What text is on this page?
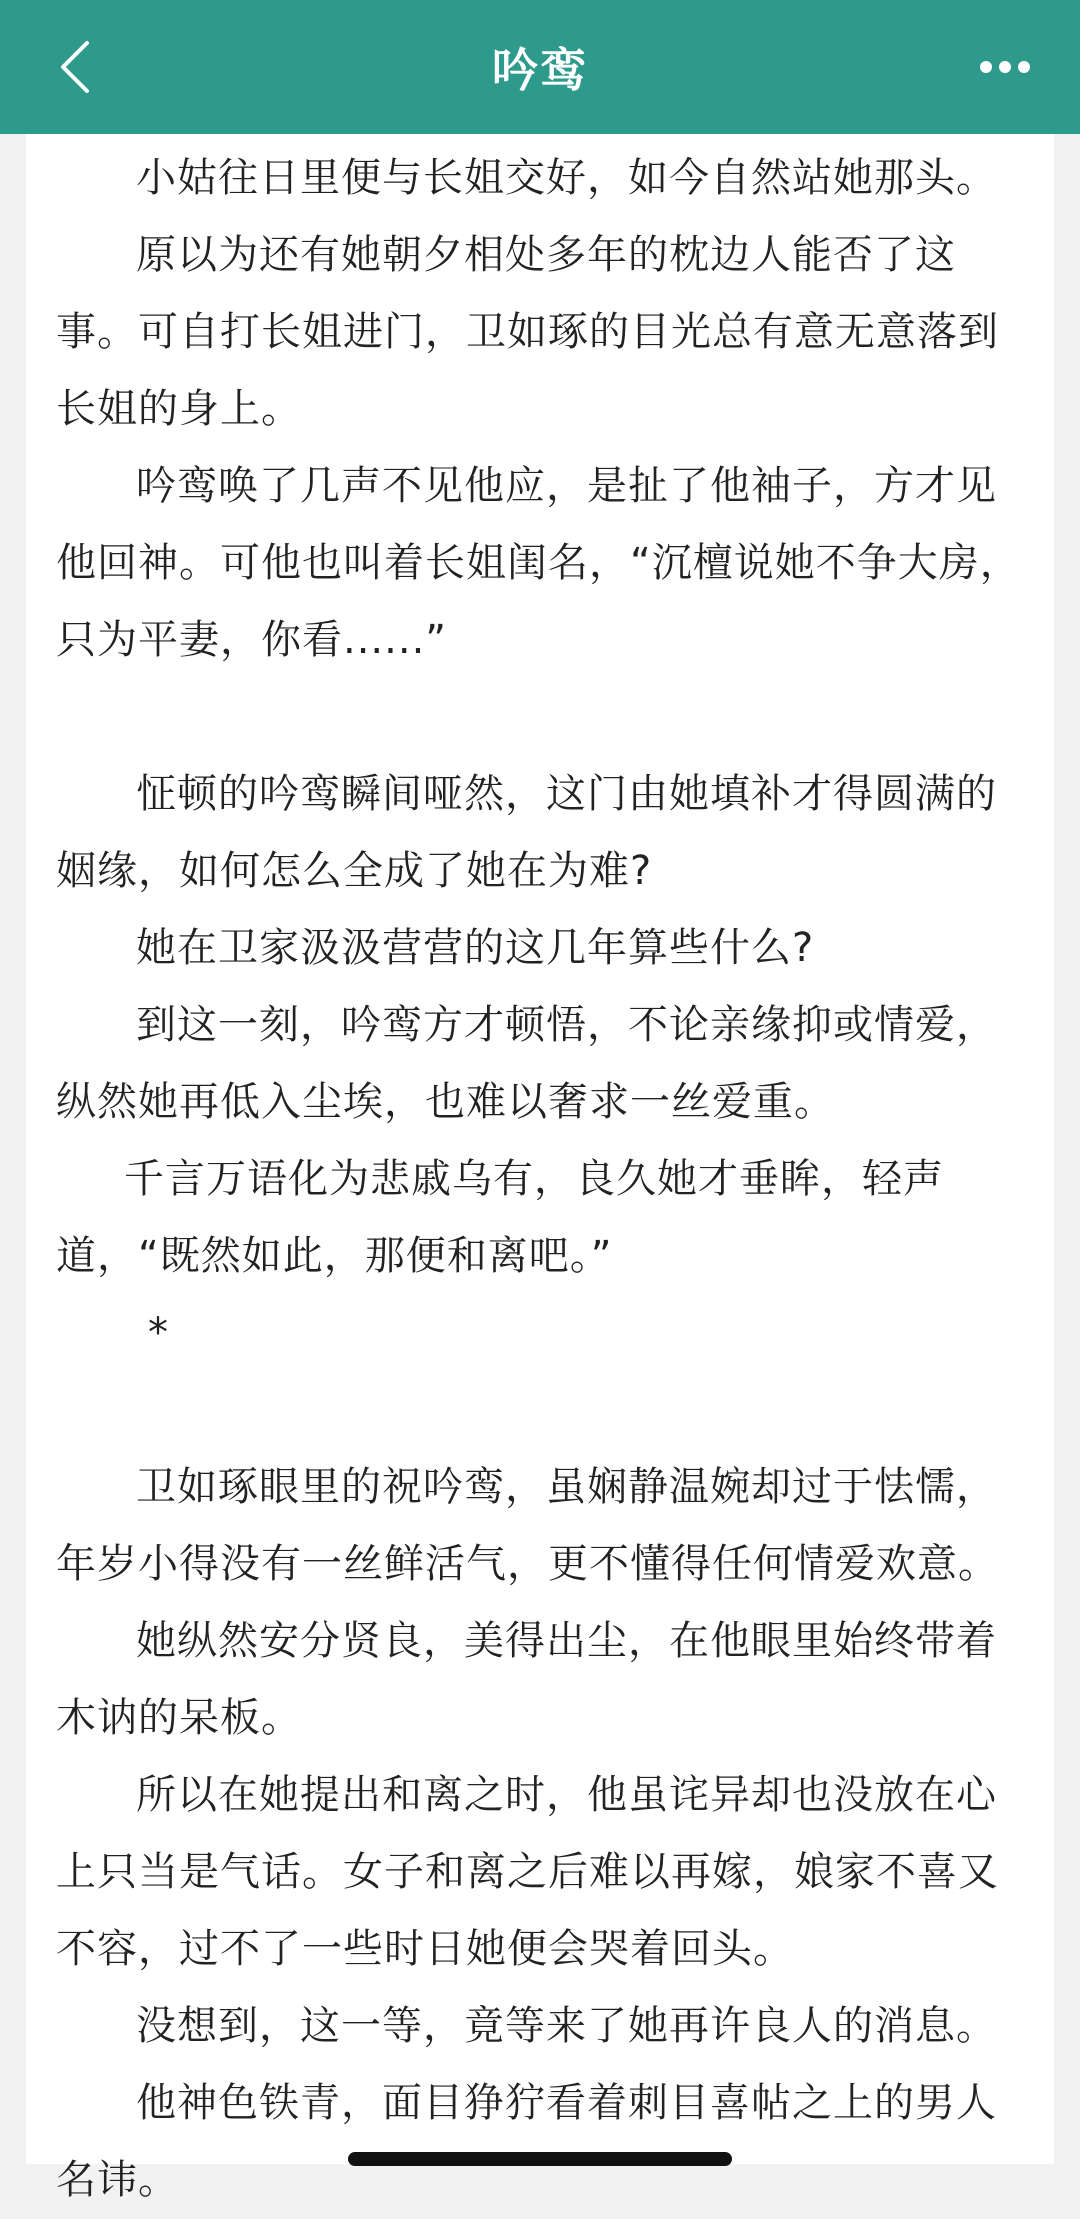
吟鸾

小姑往日里便与长姐交好，如今自然站她那头。

原以为还有她朝夕相处多年的枕边人能否了这事。可自打长姐进门，卫如琢的目光总有意无意落到长姐的身上。

吟鸾唤了几声不见他应，是扯了他袖子，方才见他回神。可他也叫着长姐闺名，“沉檀说她不争大房，只为平妻，你看......”

怔顿的吟鸾瞬间哑然，这门由她填补才得圆满的姻缘，如何怎么全成了她在为难?

她在卫家汲汲营营的这几年算些什么?

到这一刻，吟鸾方才顿悟，不论亲缘抑或情爱，纵然她再低入尘埃，也难以奢求一丝爱重。

千言万语化为悲戚乌有，良久她才垂眸，轻声道，“既然如此，那便和离吧。”

*

卫如琢眼里的祝吟鸾，虽娴静温婉却过于怯懦，年岁小得没有一丝鲜活气，更不懂得任何情爱欢意。

她纵然安分贤良，美得出尘，在他眼里始终带着木讷的呆板。

所以在她提出和离之时，他虽诧异却也没放在心上只当是气话。女子和离之后难以再嫁，娘家不喜又不容，过不了一些时日她便会哭着回头。

没想到，这一等，竟等来了她再许良人的消息。

他神色铁青，面目狰狞看着刺目喜帖之上的男人名讳。
